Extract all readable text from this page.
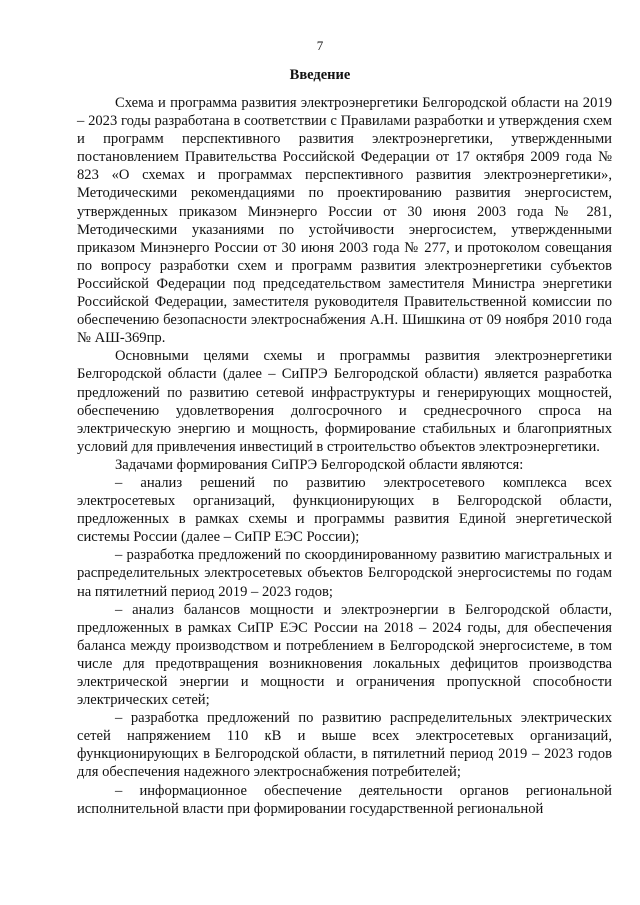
7
Введение

Схема и программа развития электроэнергетики Белгородской области на 2019 – 2023 годы разработана в соответствии с Правилами разработки и утверждения схем и программ перспективного развития электроэнергетики, утвержденными постановлением Правительства Российской Федерации от 17 октября 2009 года № 823 «О схемах и программах перспективного развития электроэнергетики», Методическими рекомендациями по проектированию развития энергосистем, утвержденных приказом Минэнерго России от 30 июня 2003 года № 281, Методическими указаниями по устойчивости энергосистем, утвержденными приказом Минэнерго России от 30 июня 2003 года № 277, и протоколом совещания по вопросу разработки схем и программ развития электроэнергетики субъектов Российской Федерации под председательством заместителя Министра энергетики Российской Федерации, заместителя руководителя Правительственной комиссии по обеспечению безопасности электроснабжения А.Н. Шишкина от 09 ноября 2010 года № АШ-369пр.

Основными целями схемы и программы развития электроэнергетики Белгородской области (далее – СиПРЭ Белгородской области) является разработка предложений по развитию сетевой инфраструктуры и генерирующих мощностей, обеспечению удовлетворения долгосрочного и среднесрочного спроса на электрическую энергию и мощность, формирование стабильных и благоприятных условий для привлечения инвестиций в строительство объектов электроэнергетики.

Задачами формирования СиПРЭ Белгородской области являются:

– анализ решений по развитию электросетевого комплекса всех электросетевых организаций, функционирующих в Белгородской области, предложенных в рамках схемы и программы развития Единой энергетической системы России (далее – СиПР ЕЭС России);

– разработка предложений по скоординированному развитию магистральных и распределительных электросетевых объектов Белгородской энергосистемы по годам на пятилетний период 2019 – 2023 годов;

– анализ балансов мощности и электроэнергии в Белгородской области, предложенных в рамках СиПР ЕЭС России на 2018 – 2024 годы, для обеспечения баланса между производством и потреблением в Белгородской энергосистеме, в том числе для предотвращения возникновения локальных дефицитов производства электрической энергии и мощности и ограничения пропускной способности электрических сетей;

– разработка предложений по развитию распределительных электрических сетей напряжением 110 кВ и выше всех электросетевых организаций, функционирующих в Белгородской области, в пятилетний период 2019 – 2023 годов для обеспечения надежного электроснабжения потребителей;

– информационное обеспечение деятельности органов региональной исполнительной власти при формировании государственной региональной
